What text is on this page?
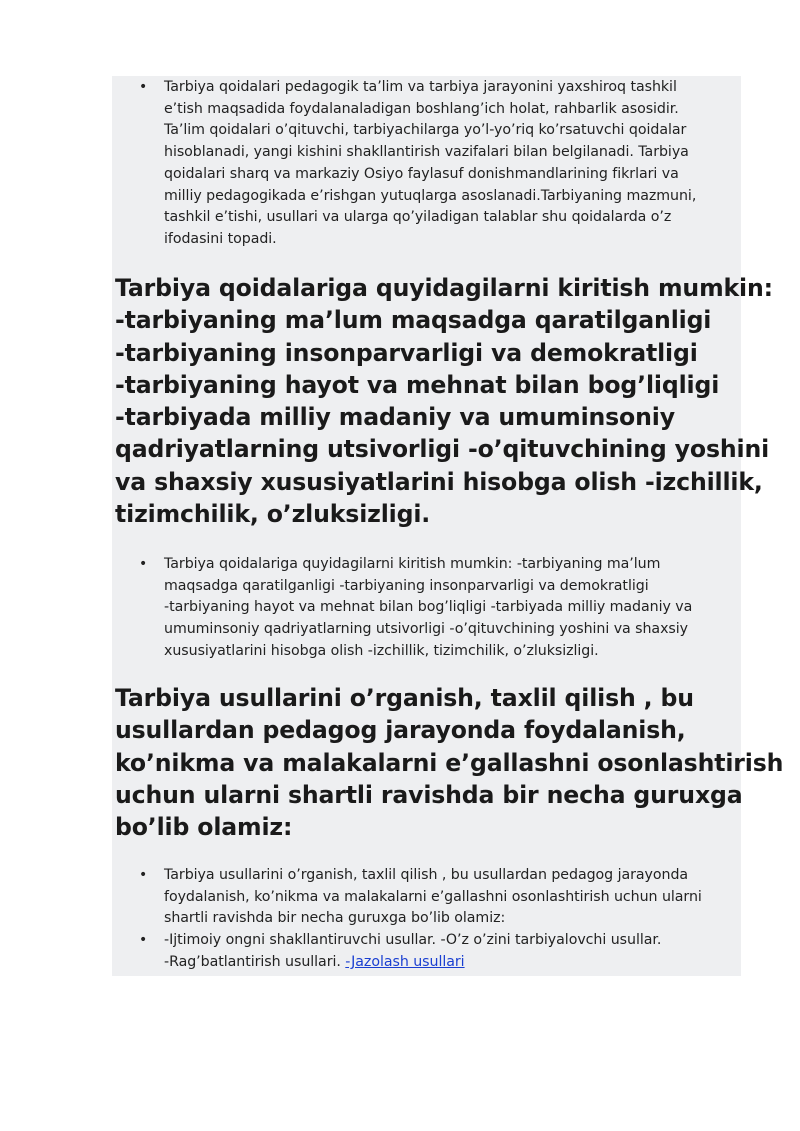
• Tarbiya qoidalari pedagogik ta’lim va tarbiya jarayonini yaxshiroq tashkil
e’tish maqsadida foydalanaladigan boshlang’ich holat, rahbarlik asosidir.
Ta’lim qoidalari o’qituvchi, tarbiyachilarga yo’l-yo’riq ko’rsatuvchi qoidalar
hisoblanadi, yangi kishini shakllantirish vazifalari bilan belgilanadi. Tarbiya
qoidalari sharq va markaziy Osiyo faylasuf donishmandlarining fikrlari va
milliy pedagogikada e’rishgan yutuqlarga asoslanadi.Tarbiyaning mazmuni,
tashkil e’tishi, usullari va ularga qo’yiladigan talablar shu qoidalarda o’z
ifodasini topadi.
Tarbiya qoidalariga quyidagilarni kiritish mumkin:
-tarbiyaning ma’lum maqsadga qaratilganligi
-tarbiyaning insonparvarligi va demokratligi
-tarbiyaning hayot va mehnat bilan bog’liqligi
-tarbiyada milliy madaniy va umuminsoniy
qadriyatlarning utsivorligi -o’qituvchining yoshini
va shaxsiy xususiyatlarini hisobga olish -izchillik,
tizimchilik, o’zluksizligi.
• Tarbiya qoidalariga quyidagilarni kiritish mumkin: -tarbiyaning ma’lum
maqsadga qaratilganligi -tarbiyaning insonparvarligi va demokratligi
-tarbiyaning hayot va mehnat bilan bog’liqligi -tarbiyada milliy madaniy va
umuminsoniy qadriyatlarning utsivorligi -o’qituvchining yoshini va shaxsiy
xususiyatlarini hisobga olish -izchillik, tizimchilik, o’zluksizligi.
Tarbiya usullarini o’rganish, taxlil qilish , bu
usullardan pedagog jarayonda foydalanish,
ko’nikma va malakalarni e’gallashni osonlashtirish
uchun ularni shartli ravishda bir necha guruxga
bo’lib olamiz:
• Tarbiya usullarini o’rganish, taxlil qilish , bu usullardan pedagog jarayonda
foydalanish, ko’nikma va malakalarni e’gallashni osonlashtirish uchun ularni
shartli ravishda bir necha guruxga bo’lib olamiz:
• -Ijtimoiy ongni shakllantiruvchi usullar. -O’z o’zini tarbiyalovchi usullar.
-Rag’batlantirish usullari. -Jazolash usullari
